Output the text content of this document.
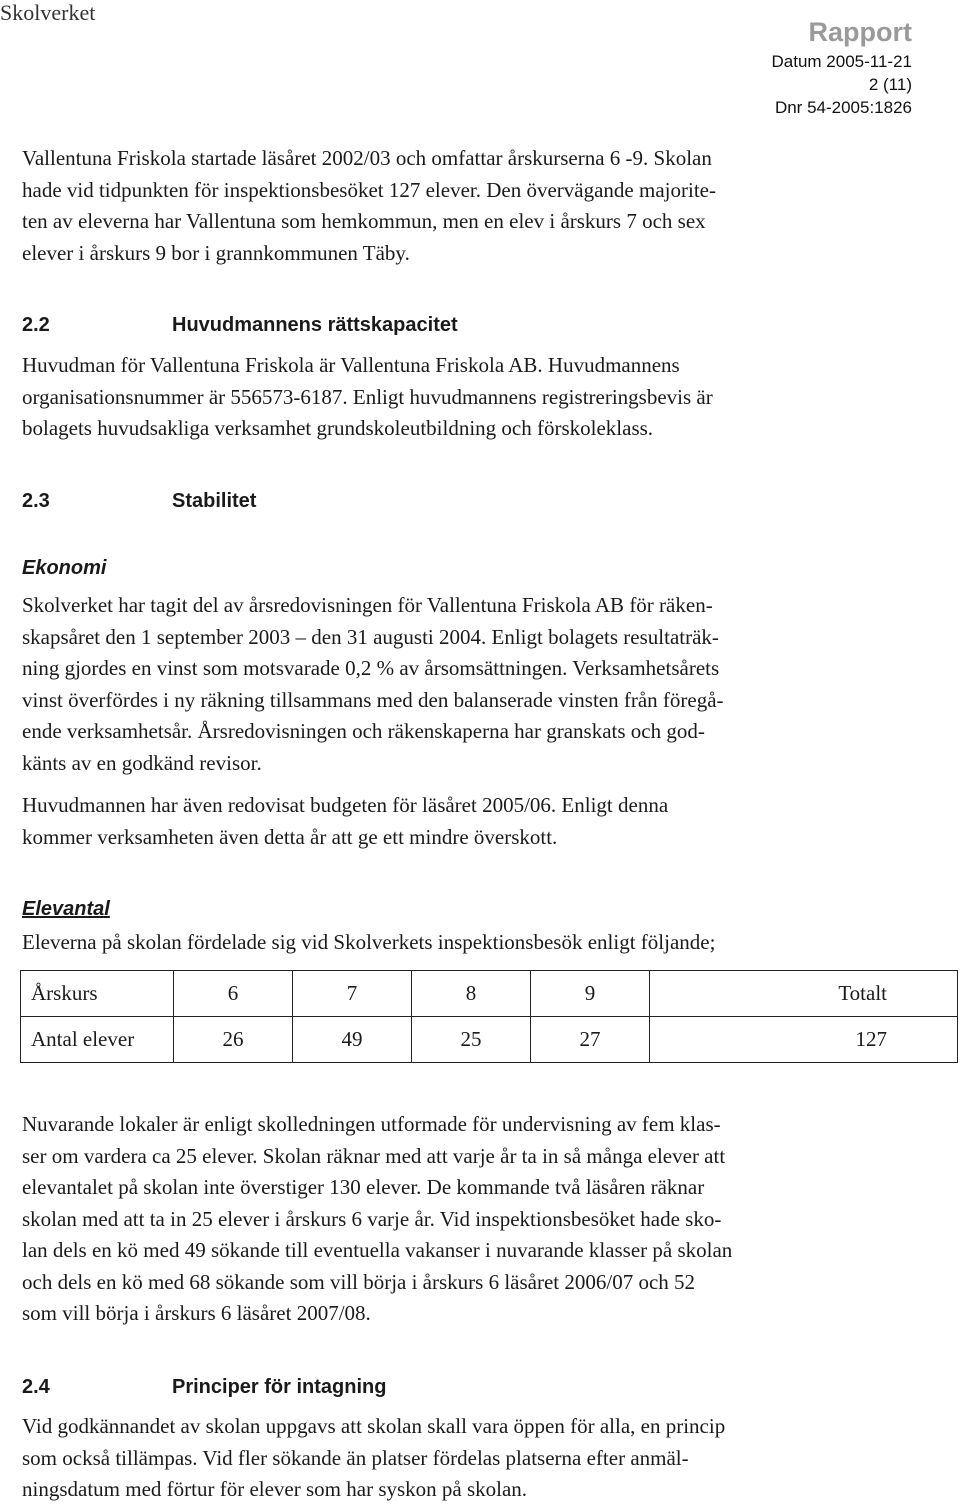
Skolverket
Rapport
Datum 2005-11-21
2 (11)
Dnr 54-2005:1826

Vallentuna Friskola startade läsåret 2002/03 och omfattar årskurserna 6 -9. Skolan
hade vid tidpunkten för inspektionsbesöket 127 elever. Den övervägande majorite-
ten av eleverna har Vallentuna som hemkommun, men en elev i årskurs 7 och sex
elever i årskurs 9 bor i grannkommunen Täby.

2.2	Huvudmannens rättskapacitet

Huvudman för Vallentuna Friskola är Vallentuna Friskola AB. Huvudmannens
organisationsnummer är 556573-6187. Enligt huvudmannens registreringsbevis är
bolagets huvudsakliga verksamhet grundskoleutbildning och förskoleklass.

2.3	Stabilitet
Ekonomi

Skolverket har tagit del av årsredovisningen för Vallentuna Friskola AB för räken-
skapsåret den 1 september 2003 – den 31 augusti 2004. Enligt bolagets resultaträk-
ning gjordes en vinst som motsvarade 0,2 % av årsomsättningen. Verksamhetsårets
vinst överfördes i ny räkning tillsammans med den balanserade vinsten från föregå-
ende verksamhetsår. Årsredovisningen och räkenskaperna har granskats och god-
känts av en godkänd revisor.

Huvudmannen har även redovisat budgeten för läsåret 2005/06. Enligt denna
kommer verksamheten även detta år att ge ett mindre överskott.

Elevantal

Eleverna på skolan fördelade sig vid Skolverkets inspektionsbesök enligt följande;

Årskurs	6	7	8	9	Totalt
Antal elever	26	49	25	27	127

Nuvarande lokaler är enligt skolledningen utformade för undervisning av fem klas-
ser om vardera ca 25 elever. Skolan räknar med att varje år ta in så många elever att
elevantalet på skolan inte överstiger 130 elever. De kommande två läsåren räknar
skolan med att ta in 25 elever i årskurs 6 varje år. Vid inspektionsbesöket hade sko-
lan dels en kö med 49 sökande till eventuella vakanser i nuvarande klasser på skolan
och dels en kö med 68 sökande som vill börja i årskurs 6 läsåret 2006/07 och 52
som vill börja i årskurs 6 läsåret 2007/08.

2.4	Principer för intagning

Vid godkännandet av skolan uppgavs att skolan skall vara öppen för alla, en princip
som också tillämpas. Vid fler sökande än platser fördelas platserna efter anmäl-
ningsdatum med förtur för elever som har syskon på skolan.
